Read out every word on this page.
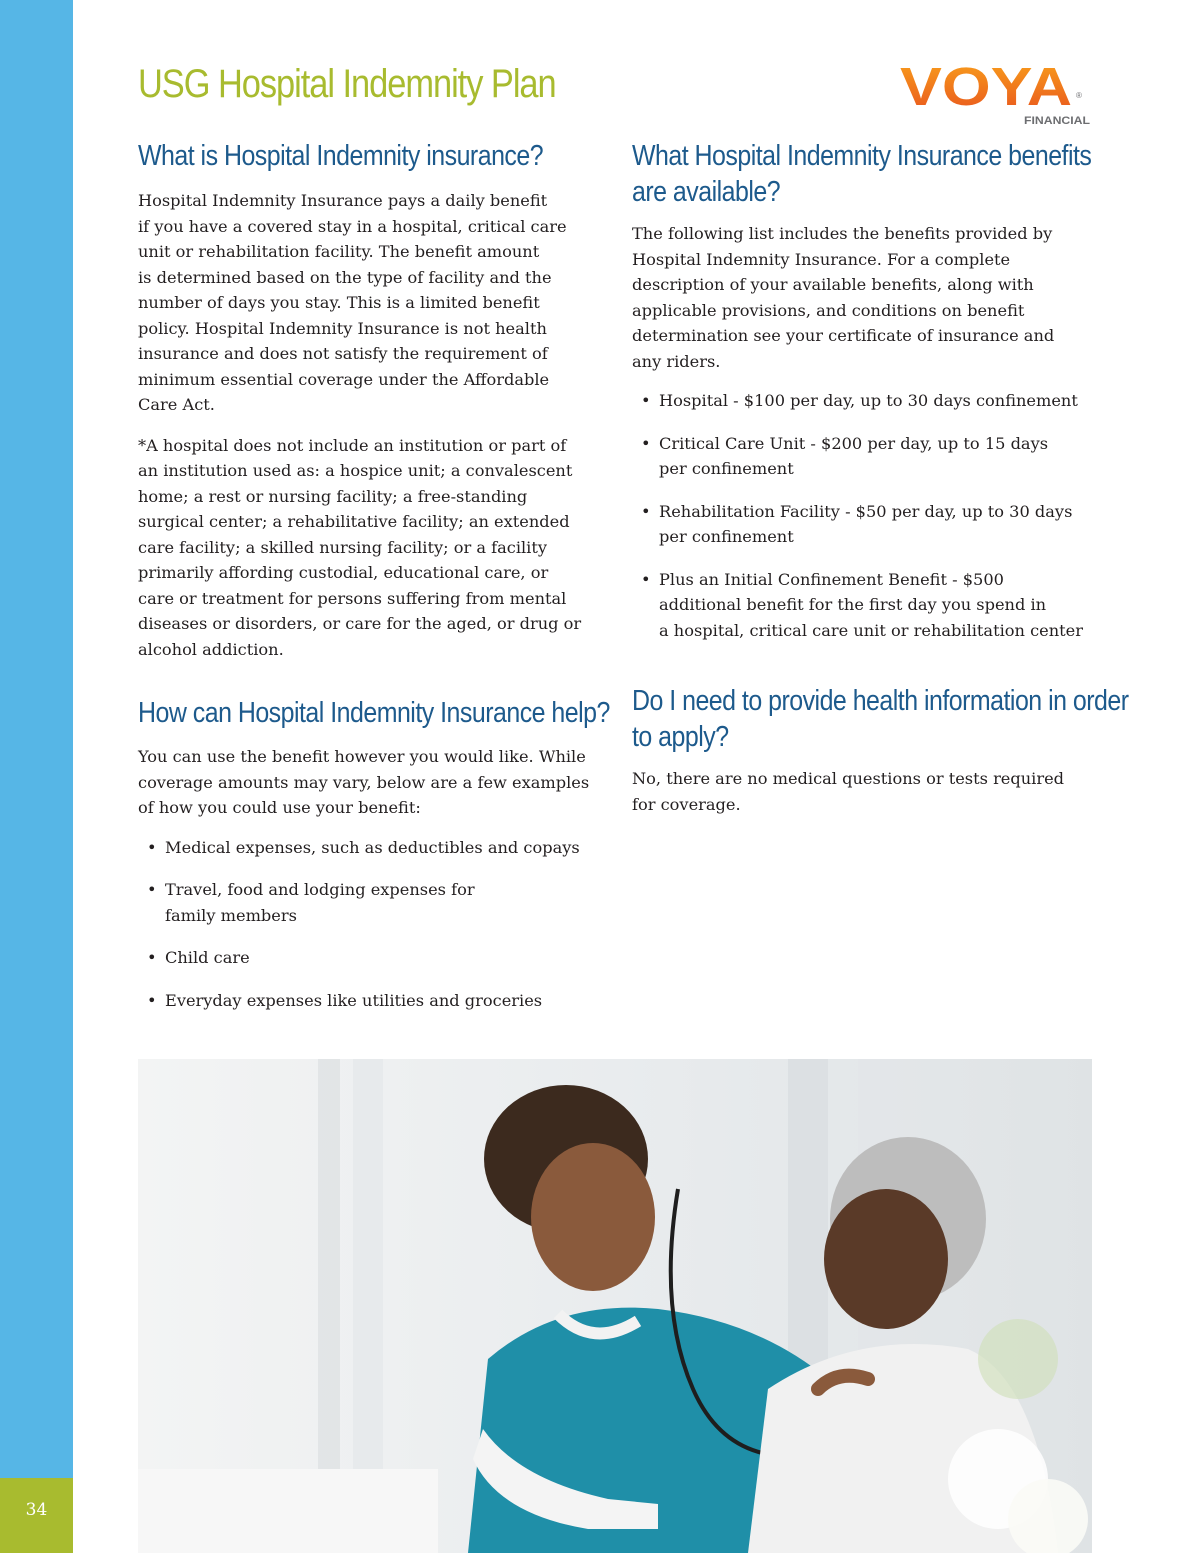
34
USG Hospital Indemnity Plan	VOYA ®
FINANCIAL
What is Hospital Indemnity insurance?

Hospital Indemnity Insurance pays a daily benefit
if you have a covered stay in a hospital, critical care
unit or rehabilitation facility. The benefit amount
is determined based on the type of facility and the
number of days you stay. This is a limited benefit
policy. Hospital Indemnity Insurance is not health
insurance and does not satisfy the requirement of
minimum essential coverage under the Affordable
Care Act.

*A hospital does not include an institution or part of
an institution used as: a hospice unit; a convalescent
home; a rest or nursing facility; a free-standing
surgical center; a rehabilitative facility; an extended
care facility; a skilled nursing facility; or a facility
primarily affording custodial, educational care, or
care or treatment for persons suffering from mental
diseases or disorders, or care for the aged, or drug or
alcohol addiction.

How can Hospital Indemnity Insurance help?

You can use the benefit however you would like. While
coverage amounts may vary, below are a few examples
of how you could use your benefit:

• Medical expenses, such as deductibles and copays
• Travel, food and lodging expenses for
family members
• Child care
• Everyday expenses like utilities and groceries
What Hospital Indemnity Insurance benefits
are available?

The following list includes the benefits provided by
Hospital Indemnity Insurance. For a complete
description of your available benefits, along with
applicable provisions, and conditions on benefit
determination see your certificate of insurance and
any riders.

• Hospital - $100 per day, up to 30 days confinement
• Critical Care Unit - $200 per day, up to 15 days
per confinement
• Rehabilitation Facility - $50 per day, up to 30 days
per confinement
• Plus an Initial Confinement Benefit - $500
additional benefit for the first day you spend in
a hospital, critical care unit or rehabilitation center
Do I need to provide health information in order
to apply?

No, there are no medical questions or tests required
for coverage.
